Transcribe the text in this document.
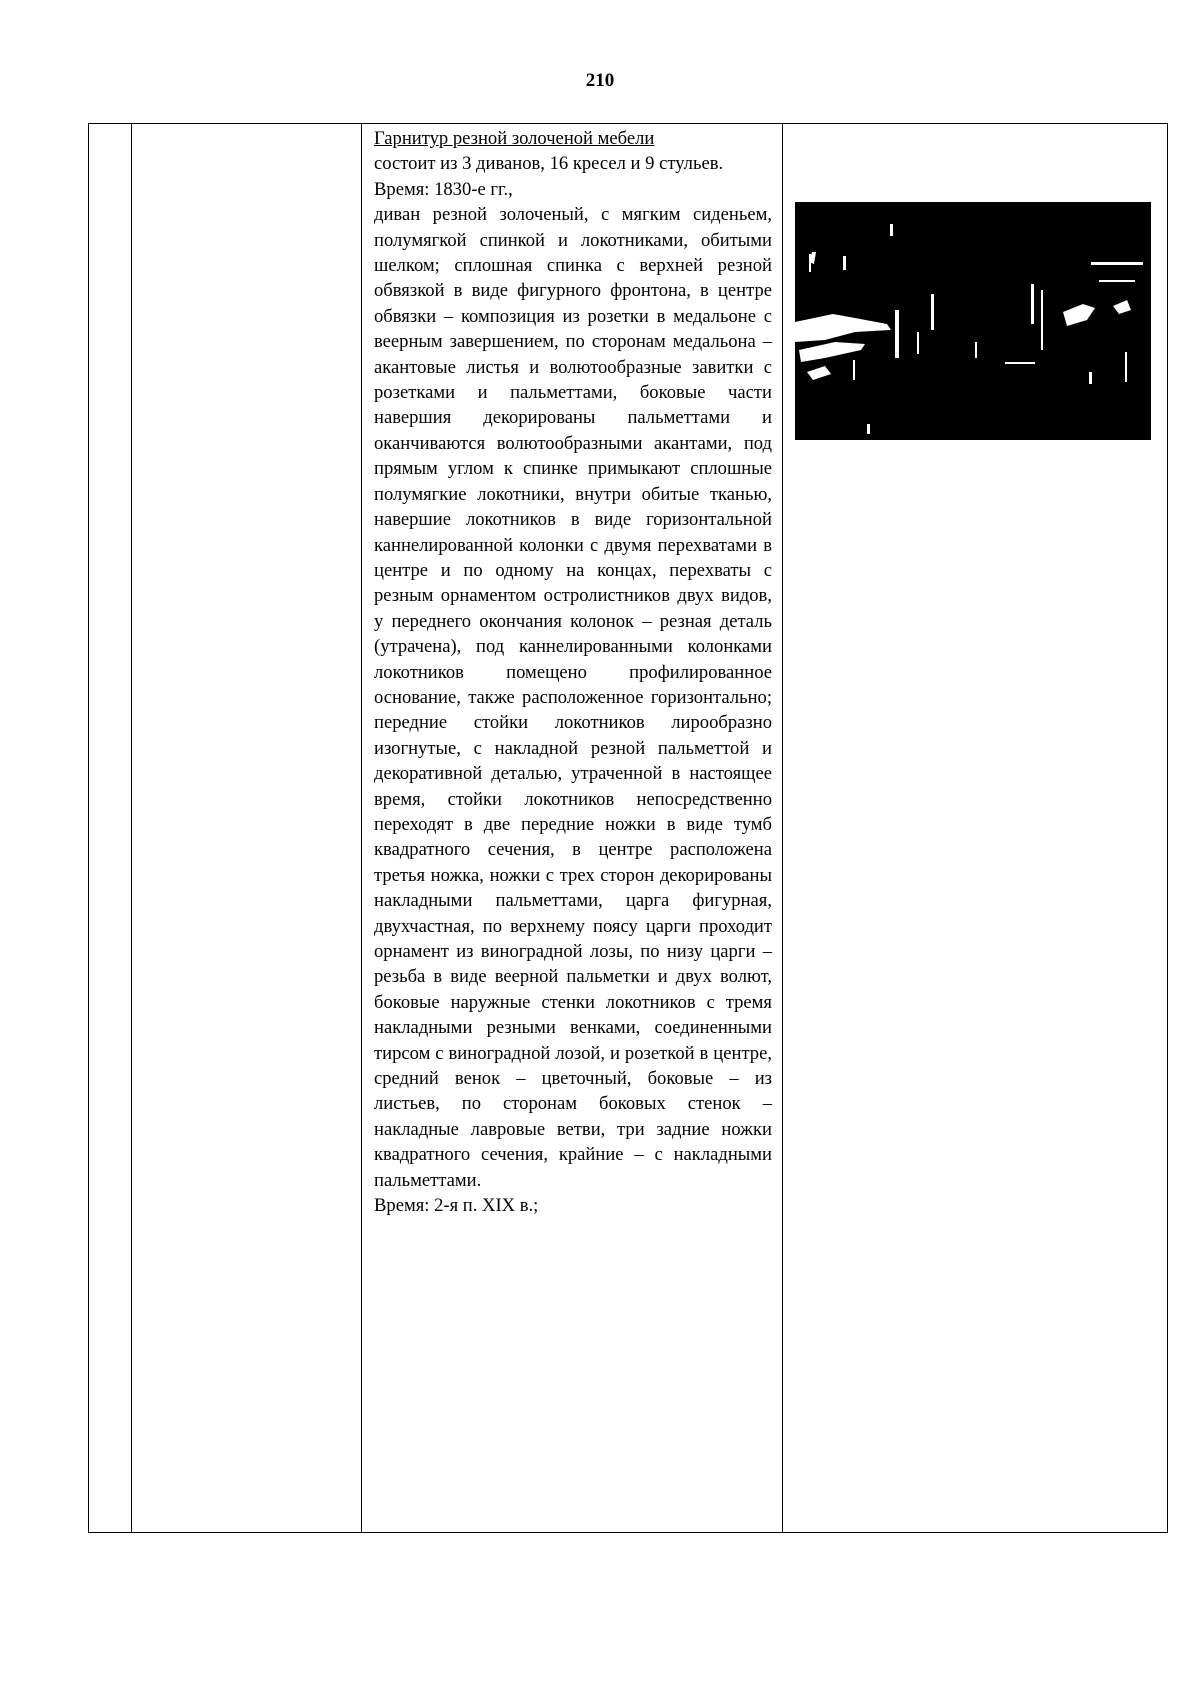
210

Гарнитур резной золоченой мебели
состоит из 3 диванов, 16 кресел и 9 стульев. Время: 1830-е гг.,
диван резной золоченый, с мягким сиденьем, полумягкой спинкой и локотниками, обитыми шелком; сплошная спинка с верхней резной обвязкой в виде фигурного фронтона, в центре обвязки – композиция из розетки в медальоне с веерным завершением, по сторонам медальона – акантовые листья и волютообразные завитки с розетками и пальметтами, боковые части навершия декорированы пальметтами и оканчиваются волютообразными акантами, под прямым углом к спинке примыкают сплошные полумягкие локотники, внутри обитые тканью, навершие локотников в виде горизонтальной каннелированной колонки с двумя перехватами в центре и по одному на концах, перехваты с резным орнаментом остролистников двух видов, у переднего окончания колонок – резная деталь (утрачена), под каннелированными колонками локотников помещено профилированное основание, также расположенное горизонтально; передние стойки локотников лирообразно изогнутые, с накладной резной пальметтой и декоративной деталью, утраченной в настоящее время, стойки локотников непосредственно переходят в две передние ножки в виде тумб квадратного сечения, в центре расположена третья ножка, ножки с трех сторон декорированы накладными пальметтами, царга фигурная, двухчастная, по верхнему поясу царги проходит орнамент из виноградной лозы, по низу царги – резьба в виде веерной пальметки и двух волют, боковые наружные стенки локотников с тремя накладными резными венками, соединенными тирсом с виноградной лозой, и розеткой в центре, средний венок – цветочный, боковые – из листьев, по сторонам боковых стенок – накладные лавровые ветви, три задние ножки квадратного сечения, крайние – с накладными пальметтами.
Время: 2-я п. XIX в.;
